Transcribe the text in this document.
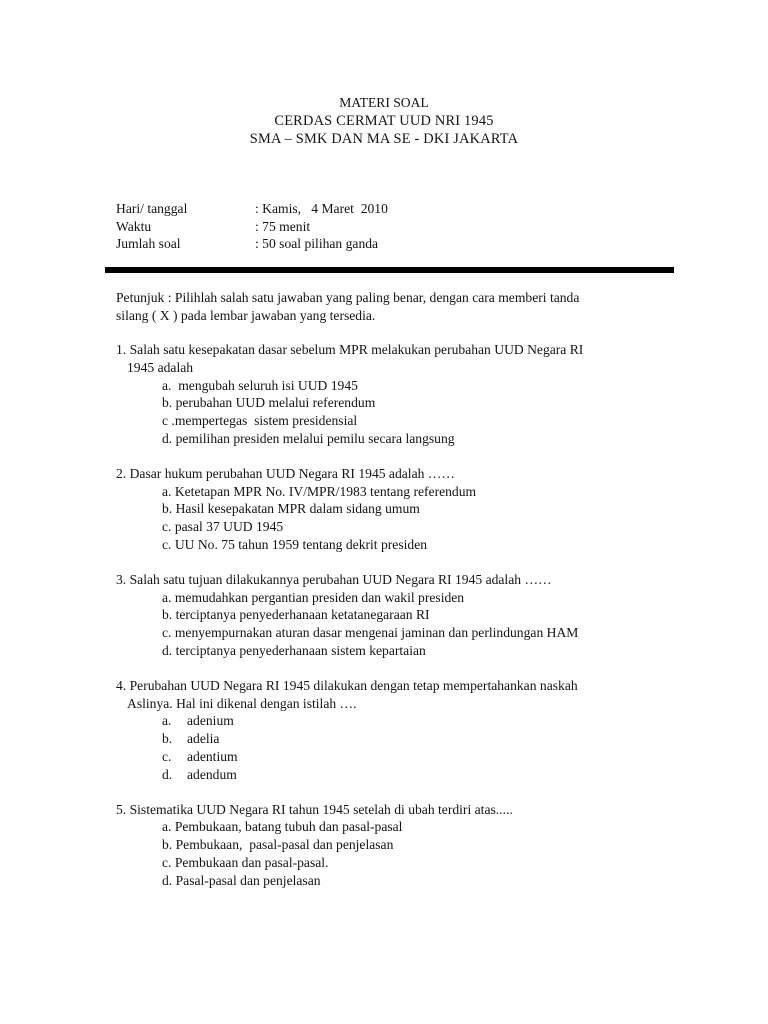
MATERI SOAL
CERDAS CERMAT UUD NRI 1945
SMA – SMK DAN MA SE - DKI JAKARTA
Hari/ tanggal	: Kamis,   4 Maret  2010
Waktu	: 75 menit
Jumlah soal	: 50 soal pilihan ganda
Petunjuk : Pilihlah salah satu jawaban yang paling benar, dengan cara memberi tanda
silang ( X ) pada lembar jawaban yang tersedia.
1. Salah satu kesepakatan dasar sebelum MPR melakukan perubahan UUD Negara RI
1945 adalah
a.  mengubah seluruh isi UUD 1945
b. perubahan UUD melalui referendum
c .mempertegas  sistem presidensial
d. pemilihan presiden melalui pemilu secara langsung
2. Dasar hukum perubahan UUD Negara RI 1945 adalah ……
a. Ketetapan MPR No. IV/MPR/1983 tentang referendum
b. Hasil kesepakatan MPR dalam sidang umum
c. pasal 37 UUD 1945
c. UU No. 75 tahun 1959 tentang dekrit presiden
3. Salah satu tujuan dilakukannya perubahan UUD Negara RI 1945 adalah ……
a. memudahkan pergantian presiden dan wakil presiden
b. terciptanya penyederhanaan ketatanegaraan RI
c. menyempurnakan aturan dasar mengenai jaminan dan perlindungan HAM
d. terciptanya penyederhanaan sistem kepartaian
4. Perubahan UUD Negara RI 1945 dilakukan dengan tetap mempertahankan naskah
Aslinya. Hal ini dikenal dengan istilah ….
a. adenium
b. adelia
c. adentium
d. adendum
5. Sistematika UUD Negara RI tahun 1945 setelah di ubah terdiri atas.....
a. Pembukaan, batang tubuh dan pasal-pasal
b. Pembukaan,  pasal-pasal dan penjelasan
c. Pembukaan dan pasal-pasal.
d. Pasal-pasal dan penjelasan
